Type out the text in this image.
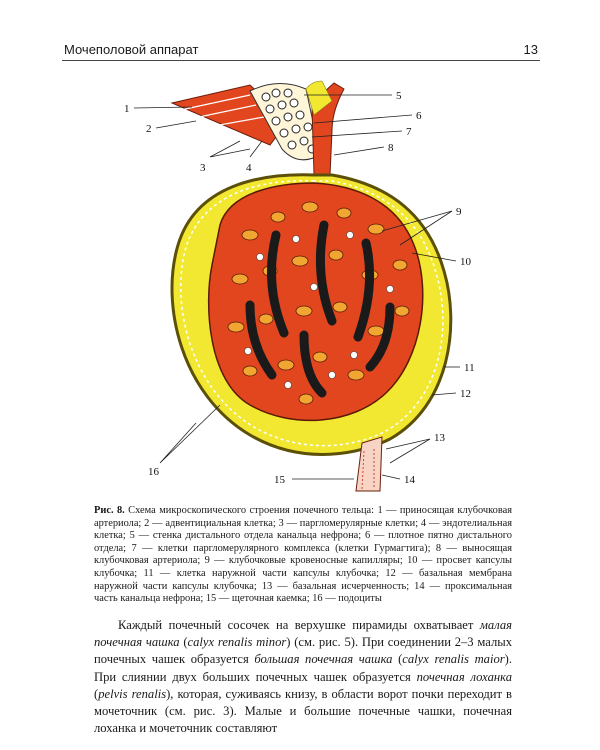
Мочеполовой аппарат	13
1
2
3	4
5
6
7
8
9
10
11
12
13
14
15
16
Рис. 8. Схема микроскопического строения почечного тельца: 1 — приносящая клубочковая артериола; 2 — адвентициальная клетка; 3 — паргломерулярные клетки; 4 — эндотелиальная клетка; 5 — стенка дистального отдела канальца нефрона; 6 — плотное пятно дистального отдела; 7 — клетки паргломерулярного комплекса (клетки Гурмагтига); 8 — выносящая клубочковая артериола; 9 — клубочковые кровеносные капилляры; 10 — просвет капсулы клубочка; 11 — клетка наружной части капсулы клубочка; 12 — базальная мембрана наружной части капсулы клубочка; 13 — базальная исчерченность; 14 — проксимальная часть канальца нефрона; 15 — щеточная каемка; 16 — подоциты
Каждый почечный сосочек на верхушке пирамиды охватывает малая почечная чашка (calyx renalis minor) (см. рис. 5). При соединении 2–3 малых почечных чашек образуется большая почечная чашка (calyx renalis maior). При слиянии двух больших почечных чашек образуется почечная лоханка (pelvis renalis), которая, суживаясь книзу, в области ворот почки переходит в мочеточник (см. рис. 3). Малые и большие почечные чашки, почечная лоханка и мочеточник составляют
